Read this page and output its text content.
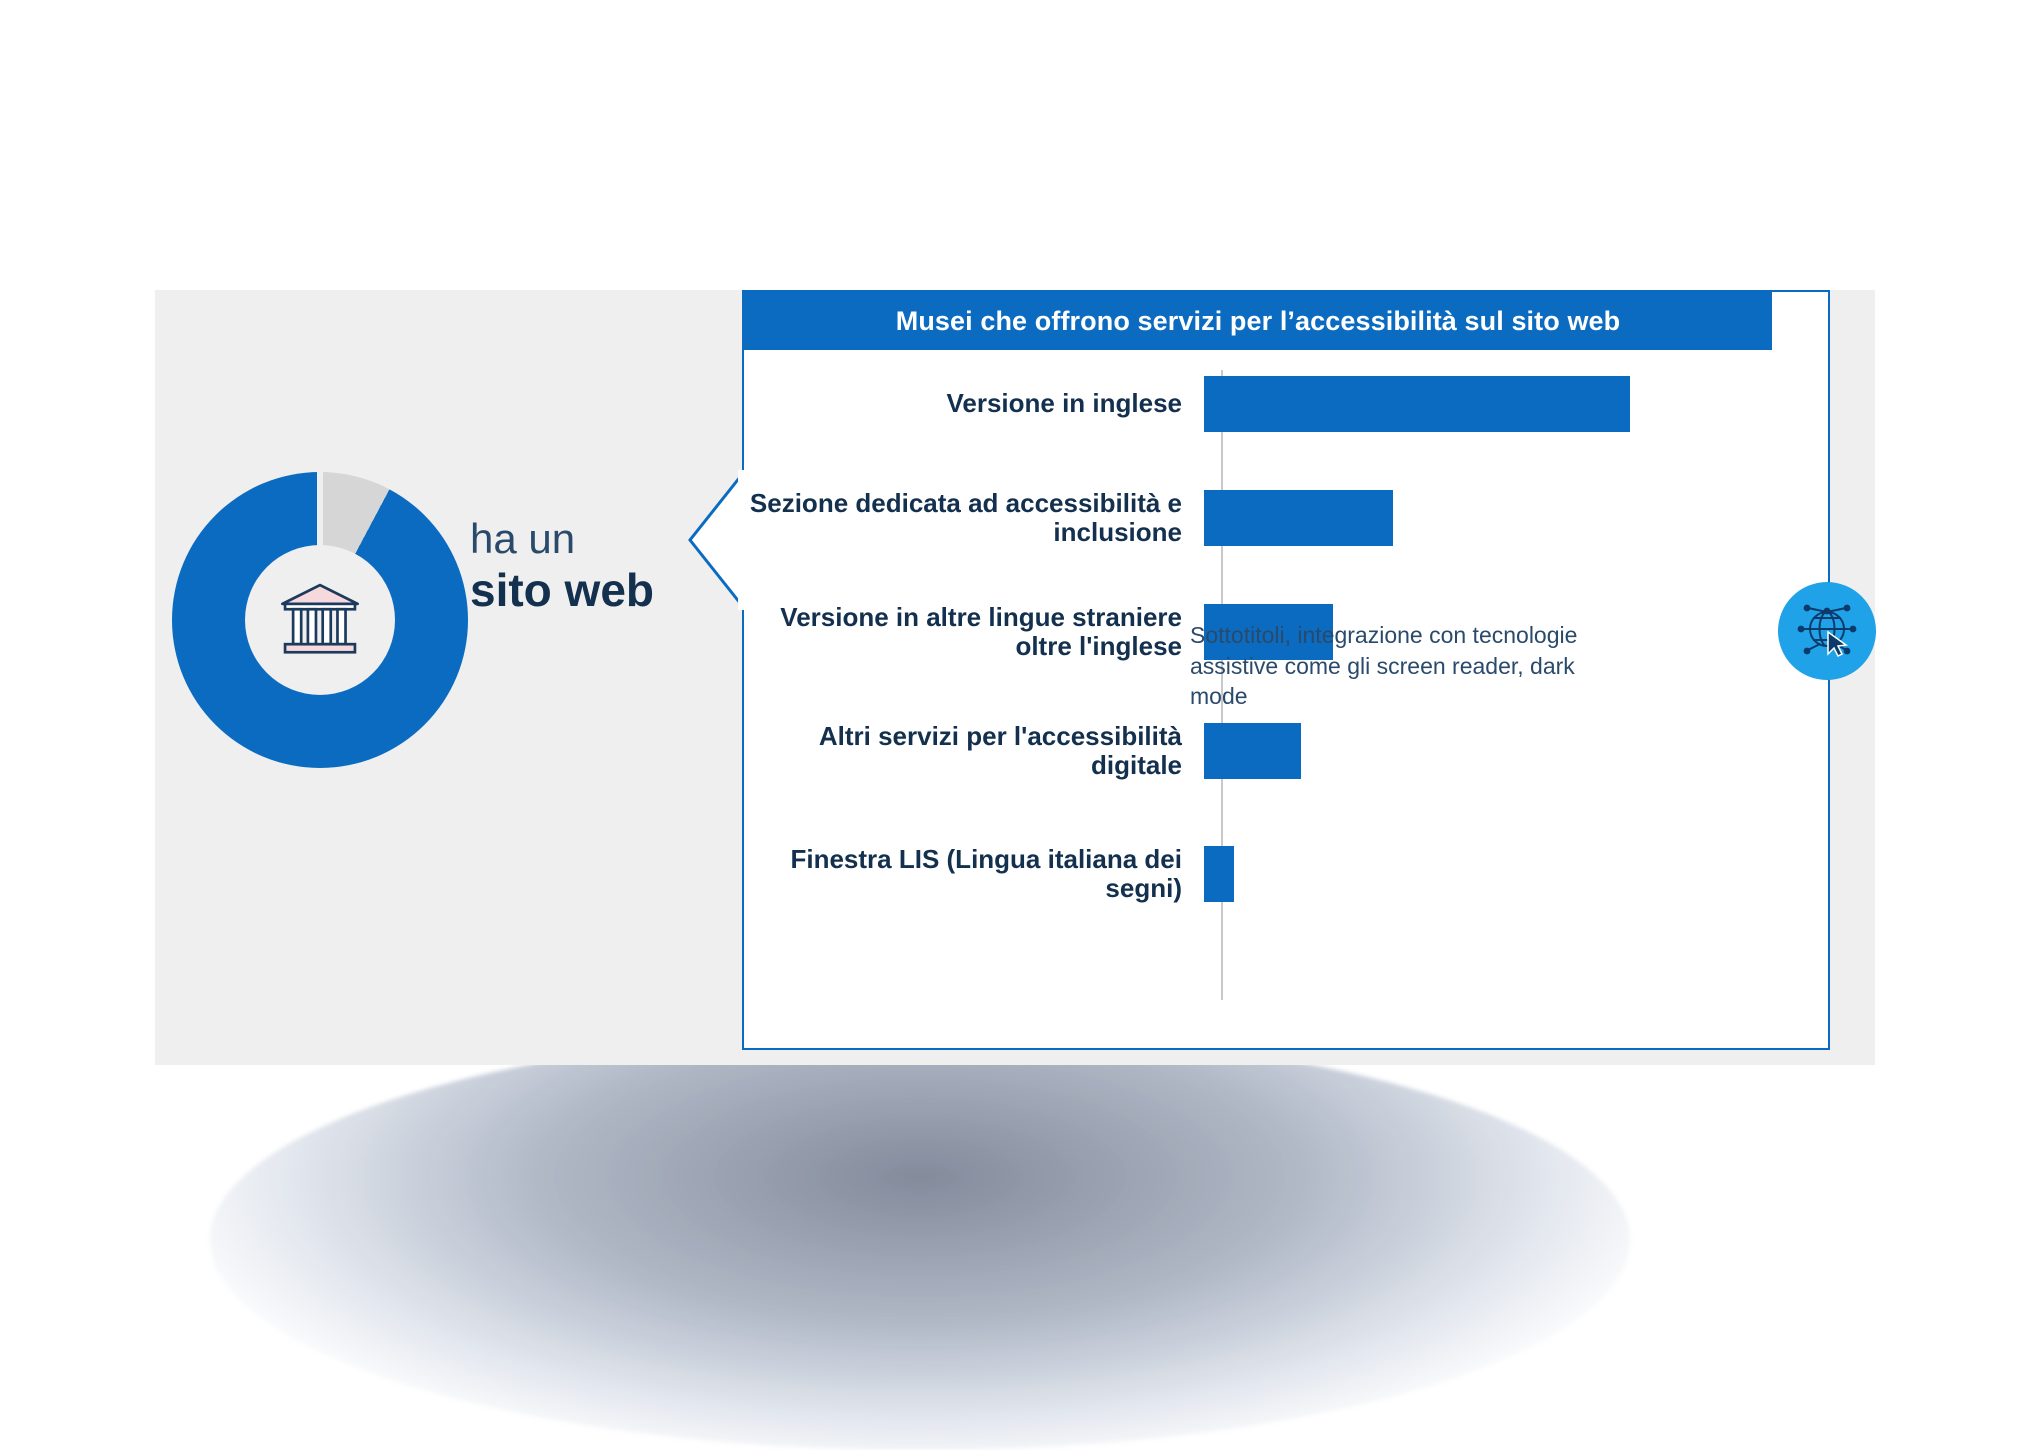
ha un
sito web
Musei che offrono servizi per l’accessibilità sul sito web
Versione in inglese
Sezione dedicata ad accessibilità e inclusione
Versione in altre lingue straniere oltre l'inglese
Altri servizi per l'accessibilità digitale
Finestra LIS (Lingua italiana dei segni)
Sottotitoli, integrazione con tecnologie assistive come gli screen reader, dark mode
